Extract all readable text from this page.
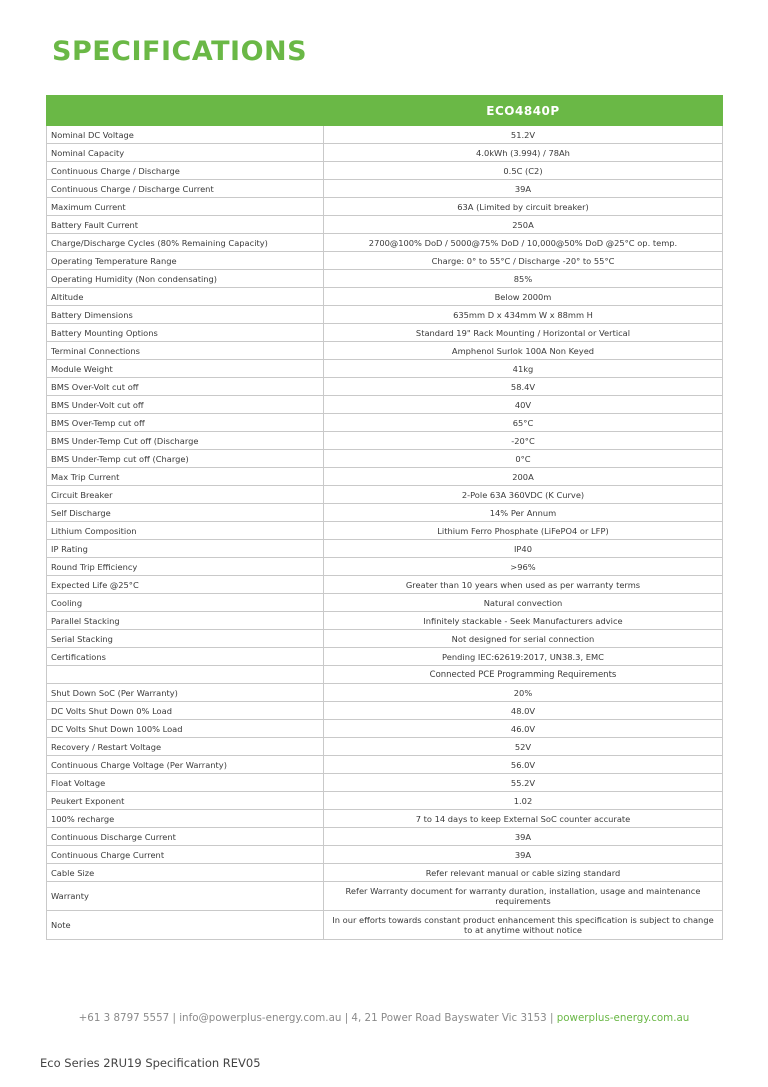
SPECIFICATIONS
	ECO4840P
Nominal DC Voltage	51.2V
Nominal Capacity	4.0kWh (3.994) / 78Ah
Continuous Charge / Discharge	0.5C (C2)
Continuous Charge / Discharge Current	39A
Maximum Current	63A (Limited by circuit breaker)
Battery Fault Current	250A
Charge/Discharge Cycles (80% Remaining Capacity)	2700@100% DoD / 5000@75% DoD / 10,000@50% DoD @25°C op. temp.
Operating Temperature Range	Charge: 0° to 55°C / Discharge -20° to 55°C
Operating Humidity (Non condensating)	85%
Altitude	Below 2000m
Battery Dimensions	635mm D x 434mm W x 88mm H
Battery Mounting Options	Standard 19" Rack Mounting / Horizontal or Vertical
Terminal Connections	Amphenol Surlok 100A Non Keyed
Module Weight	41kg
BMS Over-Volt cut off	58.4V
BMS Under-Volt cut off	40V
BMS Over-Temp cut off	65°C
BMS Under-Temp Cut off (Discharge	-20°C
BMS Under-Temp cut off (Charge)	0°C
Max Trip Current	200A
Circuit Breaker	2-Pole 63A 360VDC (K Curve)
Self Discharge	14% Per Annum
Lithium Composition	Lithium Ferro Phosphate (LiFePO4 or LFP)
IP Rating	IP40
Round Trip Efficiency	>96%
Expected Life @25°C	Greater than 10 years when used as per warranty terms
Cooling	Natural convection
Parallel Stacking	Infinitely stackable - Seek Manufacturers advice
Serial Stacking	Not designed for serial connection
Certifications	Pending IEC:62619:2017, UN38.3, EMC
	Connected PCE Programming Requirements
Shut Down SoC (Per Warranty)	20%
DC Volts Shut Down 0% Load	48.0V
DC Volts Shut Down 100% Load	46.0V
Recovery / Restart Voltage	52V
Continuous Charge Voltage (Per Warranty)	56.0V
Float Voltage	55.2V
Peukert Exponent	1.02
100% recharge	7 to 14 days to keep External SoC counter accurate
Continuous Discharge Current	39A
Continuous Charge Current	39A
Cable Size	Refer relevant manual or cable sizing standard
Warranty	Refer Warranty document for warranty duration, installation, usage and maintenance requirements
Note	In our efforts towards constant product enhancement this specification is subject to change to at anytime without notice
+61 3 8797 5557 | info@powerplus-energy.com.au | 4, 21 Power Road Bayswater Vic 3153 | powerplus-energy.com.au
Eco Series 2RU19 Specification REV05
